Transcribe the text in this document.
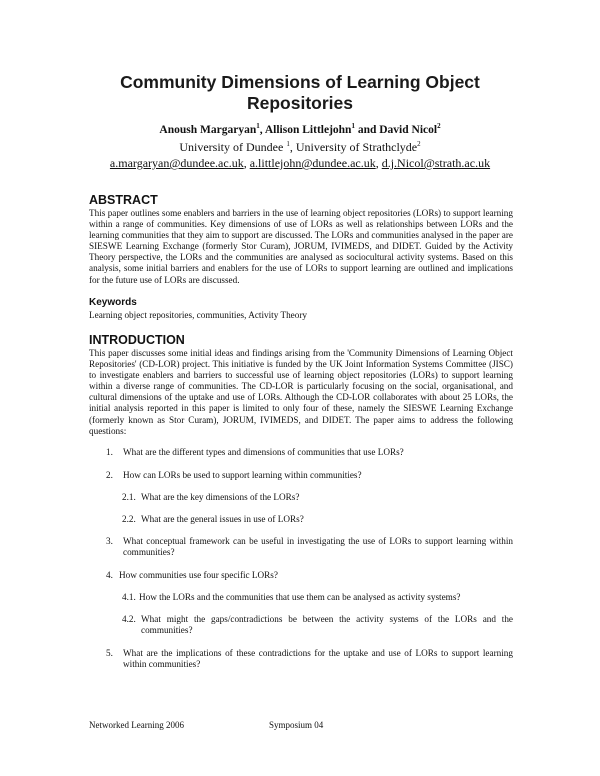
Community Dimensions of Learning Object Repositories
Anoush Margaryan$^1$, Allison Littlejohn$^1$ and David Nicol$^2$
University of Dundee $^1$, University of Strathclyde$^2$
a.margaryan@dundee.ac.uk, a.littlejohn@dundee.ac.uk, d.j.Nicol@strath.ac.uk
ABSTRACT
This paper outlines some enablers and barriers in the use of learning object repositories (LORs) to support learning within a range of communities. Key dimensions of use of LORs as well as relationships between LORs and the learning communities that they aim to support are discussed. The LORs and communities analysed in the paper are SIESWE Learning Exchange (formerly Stor Curam), JORUM, IVIMEDS, and DIDET. Guided by the Activity Theory perspective, the LORs and the communities are analysed as sociocultural activity systems. Based on this analysis, some initial barriers and enablers for the use of LORs to support learning are outlined and implications for the future use of LORs are discussed.
Keywords
Learning object repositories, communities, Activity Theory
INTRODUCTION
This paper discusses some initial ideas and findings arising from the 'Community Dimensions of Learning Object Repositories' (CD-LOR) project. This initiative is funded by the UK Joint Information Systems Committee (JISC) to investigate enablers and barriers to successful use of learning object repositories (LORs) to support learning within a diverse range of communities. The CD-LOR is particularly focusing on the social, organisational, and cultural dimensions of the uptake and use of LORs. Although the CD-LOR collaborates with about 25 LORs, the initial analysis reported in this paper is limited to only four of these, namely the SIESWE Learning Exchange (formerly known as Stor Curam), JORUM, IVIMEDS, and DIDET. The paper aims to address the following questions:
1.	What are the different types and dimensions of communities that use LORs?
2.	How can LORs be used to support learning within communities?
2.1. What are the key dimensions of the LORs?
2.2. What are the general issues in use of LORs?
3.	What conceptual framework can be useful in investigating the use of LORs to support learning within communities?
4. How communities use four specific LORs?
4.1. How the LORs and the communities that use them can be analysed as activity systems?
4.2. What might the gaps/contradictions be between the activity systems of the LORs and the communities?
5.	What are the implications of these contradictions for the uptake and use of LORs to support learning within communities?
Networked Learning 2006	Symposium 04
